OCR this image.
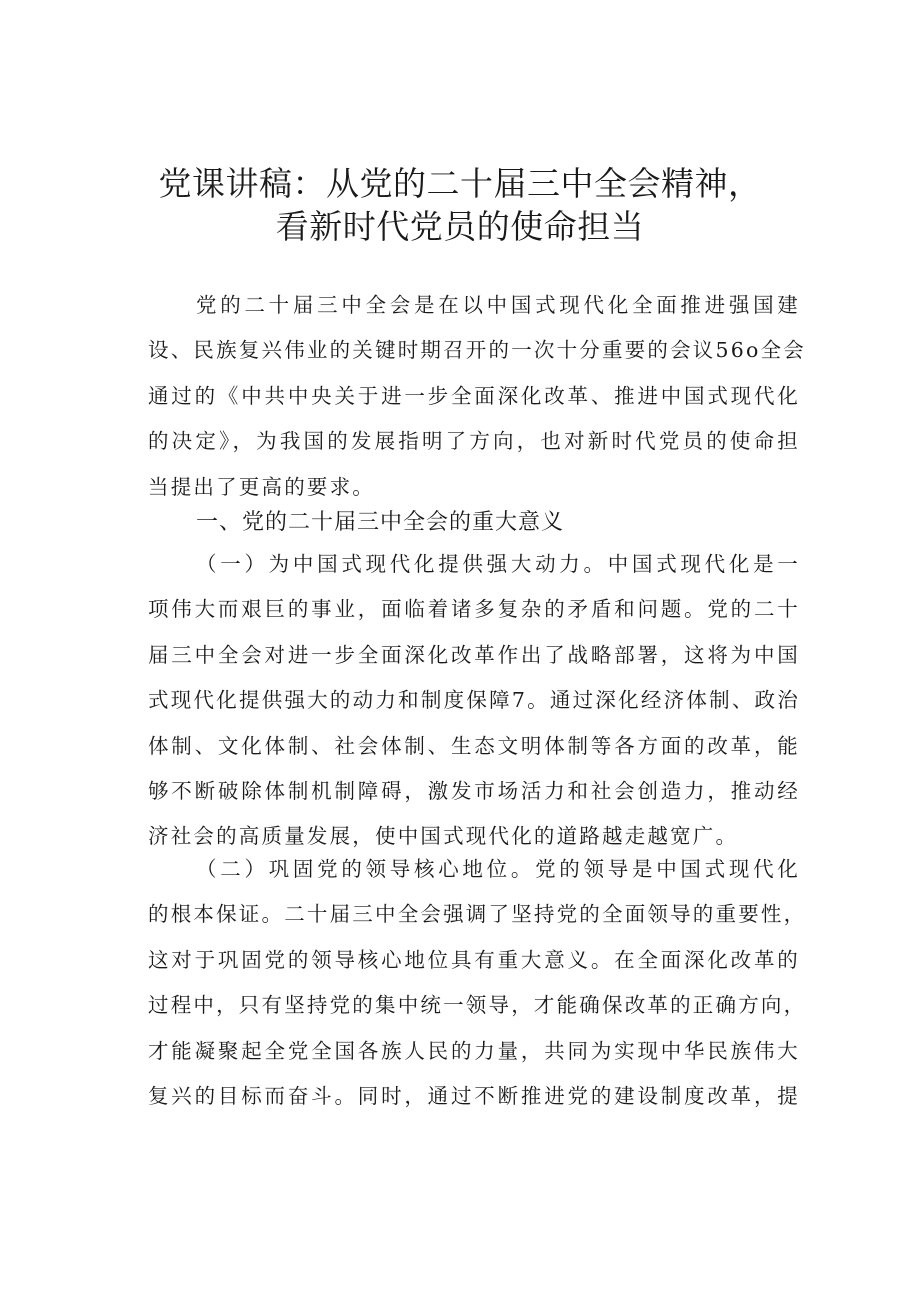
党课讲稿：从党的二十届三中全会精神，
看新时代党员的使命担当
党的二十届三中全会是在以中国式现代化全面推进强国建
设、民族复兴伟业的关键时期召开的一次十分重要的会议56o全会
通过的《中共中央关于进一步全面深化改革、推进中国式现代化
的决定》，为我国的发展指明了方向，也对新时代党员的使命担
当提出了更高的要求。
一、党的二十届三中全会的重大意义
（一）为中国式现代化提供强大动力。中国式现代化是一
项伟大而艰巨的事业，面临着诸多复杂的矛盾和问题。党的二十
届三中全会对进一步全面深化改革作出了战略部署，这将为中国
式现代化提供强大的动力和制度保障7。通过深化经济体制、政治
体制、文化体制、社会体制、生态文明体制等各方面的改革，能
够不断破除体制机制障碍，激发市场活力和社会创造力，推动经
济社会的高质量发展，使中国式现代化的道路越走越宽广。
（二）巩固党的领导核心地位。党的领导是中国式现代化
的根本保证。二十届三中全会强调了坚持党的全面领导的重要性，
这对于巩固党的领导核心地位具有重大意义。在全面深化改革的
过程中，只有坚持党的集中统一领导，才能确保改革的正确方向，
才能凝聚起全党全国各族人民的力量，共同为实现中华民族伟大
复兴的目标而奋斗。同时，通过不断推进党的建设制度改革，提
